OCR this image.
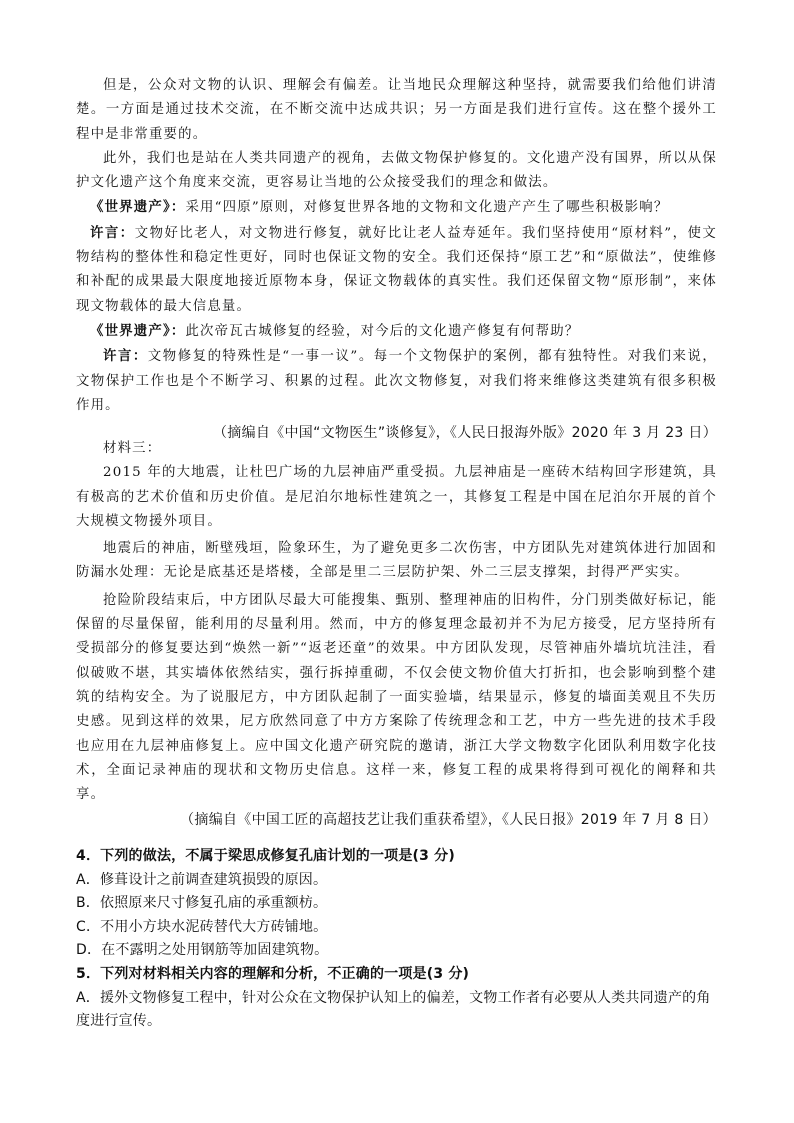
但是，公众对文物的认识、理解会有偏差。让当地民众理解这种坚持，就需要我们给他们讲清楚。一方面是通过技术交流，在不断交流中达成共识；另一方面是我们进行宣传。这在整个援外工程中是非常重要的。

此外，我们也是站在人类共同遗产的视角，去做文物保护修复的。文化遗产没有国界，所以从保护文化遗产这个角度来交流，更容易让当地的公众接受我们的理念和做法。

《世界遗产》：采用“四原”原则，对修复世界各地的文物和文化遗产产生了哪些积极影响？

许言：文物好比老人，对文物进行修复，就好比让老人益寿延年。我们坚持使用“原材料”，使文物结构的整体性和稳定性更好，同时也保证文物的安全。我们还保持“原工艺”和“原做法”，使维修和补配的成果最大限度地接近原物本身，保证文物载体的真实性。我们还保留文物“原形制”，来体现文物载体的最大信息量。

《世界遗产》：此次帝瓦古城修复的经验，对今后的文化遗产修复有何帮助？

许言：文物修复的特殊性是“一事一议”。每一个文物保护的案例，都有独特性。对我们来说，文物保护工作也是个不断学习、积累的过程。此次文物修复，对我们将来维修这类建筑有很多积极作用。

（摘编自《中国“文物医生”谈修复》，《人民日报海外版》2020 年 3 月 23 日）

材料三：

2015 年的大地震，让杜巴广场的九层神庙严重受损。九层神庙是一座砖木结构回字形建筑，具有极高的艺术价值和历史价值。是尼泊尔地标性建筑之一，其修复工程是中国在尼泊尔开展的首个大规模文物援外项目。

地震后的神庙，断壁残垣，险象环生，为了避免更多二次伤害，中方团队先对建筑体进行加固和防漏水处理：无论是底基还是塔楼，全部是里二三层防护架、外二三层支撑架，封得严严实实。

抢险阶段结束后，中方团队尽最大可能搜集、甄别、整理神庙的旧构件，分门别类做好标记，能保留的尽量保留，能利用的尽量利用。然而，中方的修复理念最初并不为尼方接受，尼方坚持所有受损部分的修复要达到“焕然一新”“返老还童”的效果。中方团队发现，尽管神庙外墙坑坑洼洼，看似破败不堪，其实墙体依然结实，强行拆掉重砌，不仅会使文物价值大打折扣，也会影响到整个建筑的结构安全。为了说服尼方，中方团队起制了一面实验墙，结果显示，修复的墙面美观且不失历史感。见到这样的效果，尼方欣然同意了中方方案除了传统理念和工艺，中方一些先进的技术手段也应用在九层神庙修复上。应中国文化遗产研究院的邀请，浙江大学文物数字化团队利用数字化技术，全面记录神庙的现状和文物历史信息。这样一来，修复工程的成果将得到可视化的阐释和共享。

（摘编自《中国工匠的高超技艺让我们重获希望》，《人民日报》2019 年 7 月 8 日）

4．下列的做法，不属于梁思成修复孔庙计划的一项是(3 分)

A．修葺设计之前调查建筑损毁的原因。

B．依照原来尺寸修复孔庙的承重额枋。

C．不用小方块水泥砖替代大方砖铺地。

D．在不露明之处用钢筋等加固建筑物。

5．下列对材料相关内容的理解和分析，不正确的一项是(3 分)

A．援外文物修复工程中，针对公众在文物保护认知上的偏差，文物工作者有必要从人类共同遗产的角度进行宣传。
